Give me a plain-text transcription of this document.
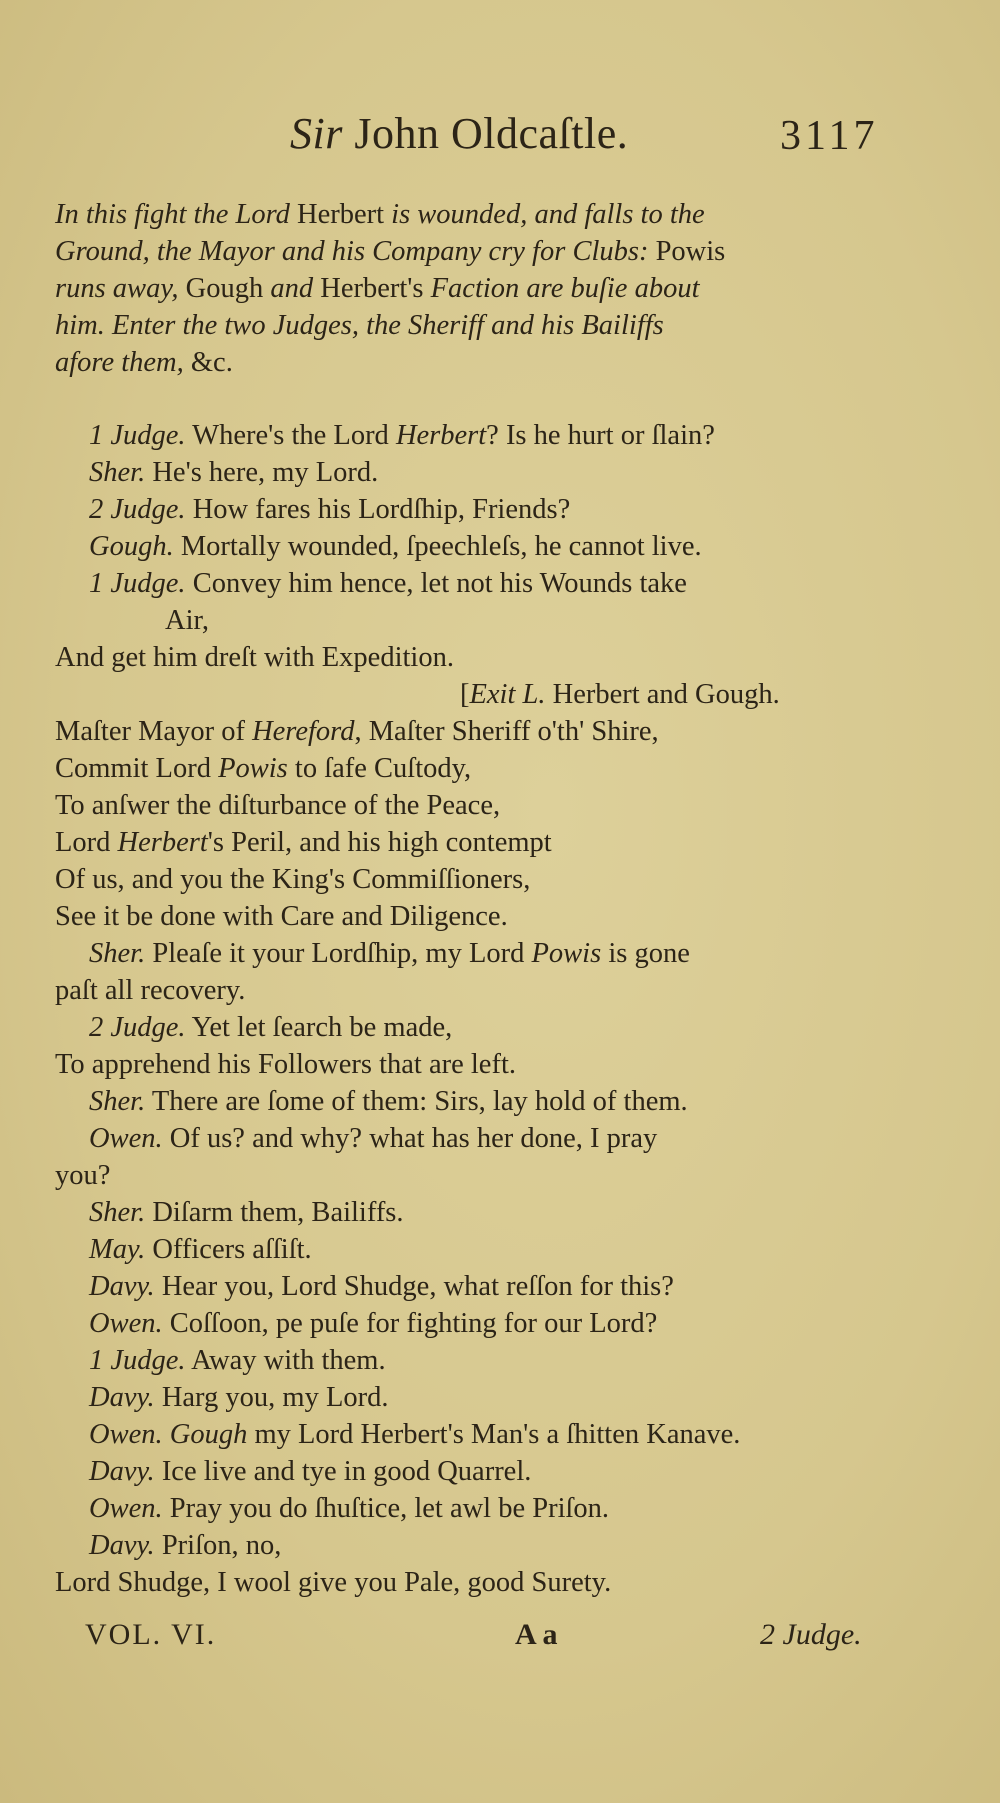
Sir John Oldcaſtle.	3117
In this fight the Lord Herbert is wounded, and falls to the
Ground, the Mayor and his Company cry for Clubs: Powis
runs away, Gough and Herbert's Faction are buſie about
him. Enter the two Judges, the Sheriff and his Bailiffs
afore them, &c.
1 Judge. Where's the Lord Herbert? Is he hurt or ſlain?
Sher. He's here, my Lord.
2 Judge. How fares his Lordſhip, Friends?
Gough. Mortally wounded, ſpeechleſs, he cannot live.
1 Judge. Convey him hence, let not his Wounds take
Air,
And get him dreſt with Expedition.
[Exit L. Herbert and Gough.
Maſter Mayor of Hereford, Maſter Sheriff o'th' Shire,
Commit Lord Powis to ſafe Cuſtody,
To anſwer the diſturbance of the Peace,
Lord Herbert's Peril, and his high contempt
Of us, and you the King's Commiſſioners,
See it be done with Care and Diligence.
Sher. Pleaſe it your Lordſhip, my Lord Powis is gone
paſt all recovery.
2 Judge. Yet let ſearch be made,
To apprehend his Followers that are left.
Sher. There are ſome of them: Sirs, lay hold of them.
Owen. Of us? and why? what has her done, I pray
you?
Sher. Diſarm them, Bailiffs.
May. Officers aſſiſt.
Davy. Hear you, Lord Shudge, what reſſon for this?
Owen. Coſſoon, pe puſe for fighting for our Lord?
1 Judge. Away with them.
Davy. Harg you, my Lord.
Owen. Gough my Lord Herbert's Man's a ſhitten Kanave.
Davy. Ice live and tye in good Quarrel.
Owen. Pray you do ſhuſtice, let awl be Priſon.
Davy. Priſon, no,
Lord Shudge, I wool give you Pale, good Surety.
VOL. VI.	A a	2 Judge.
